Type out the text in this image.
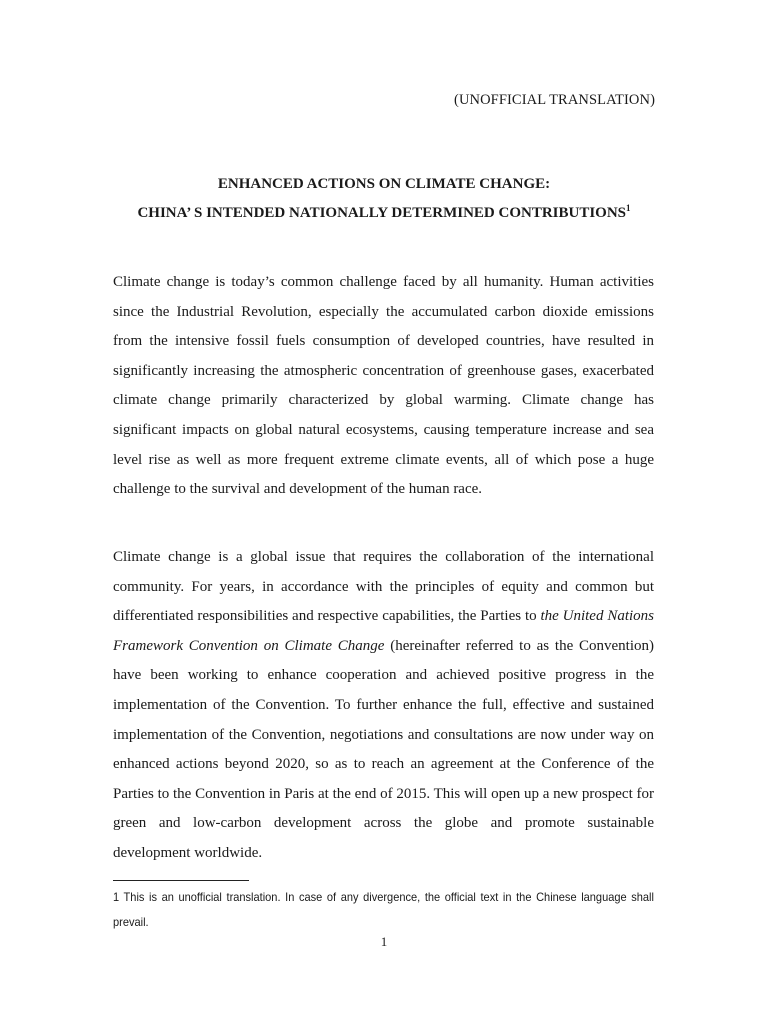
(UNOFFICIAL TRANSLATION)
ENHANCED ACTIONS ON CLIMATE CHANGE:
CHINA’ S INTENDED NATIONALLY DETERMINED CONTRIBUTIONS$^1$

Climate change is today’s common challenge faced by all humanity. Human activities since the Industrial Revolution, especially the accumulated carbon dioxide emissions from the intensive fossil fuels consumption of developed countries, have resulted in significantly increasing the atmospheric concentration of greenhouse gases, exacerbated climate change primarily characterized by global warming. Climate change has significant impacts on global natural ecosystems, causing temperature increase and sea level rise as well as more frequent extreme climate events, all of which pose a huge challenge to the survival and development of the human race.

Climate change is a global issue that requires the collaboration of the international community. For years, in accordance with the principles of equity and common but differentiated responsibilities and respective capabilities, the Parties to the United Nations Framework Convention on Climate Change (hereinafter referred to as the Convention) have been working to enhance cooperation and achieved positive progress in the implementation of the Convention. To further enhance the full, effective and sustained implementation of the Convention, negotiations and consultations are now under way on enhanced actions beyond 2020, so as to reach an agreement at the Conference of the Parties to the Convention in Paris at the end of 2015. This will open up a new prospect for green and low-carbon development across the globe and promote sustainable development worldwide.

1 This is an unofficial translation. In case of any divergence, the official text in the Chinese language shall prevail.
1
